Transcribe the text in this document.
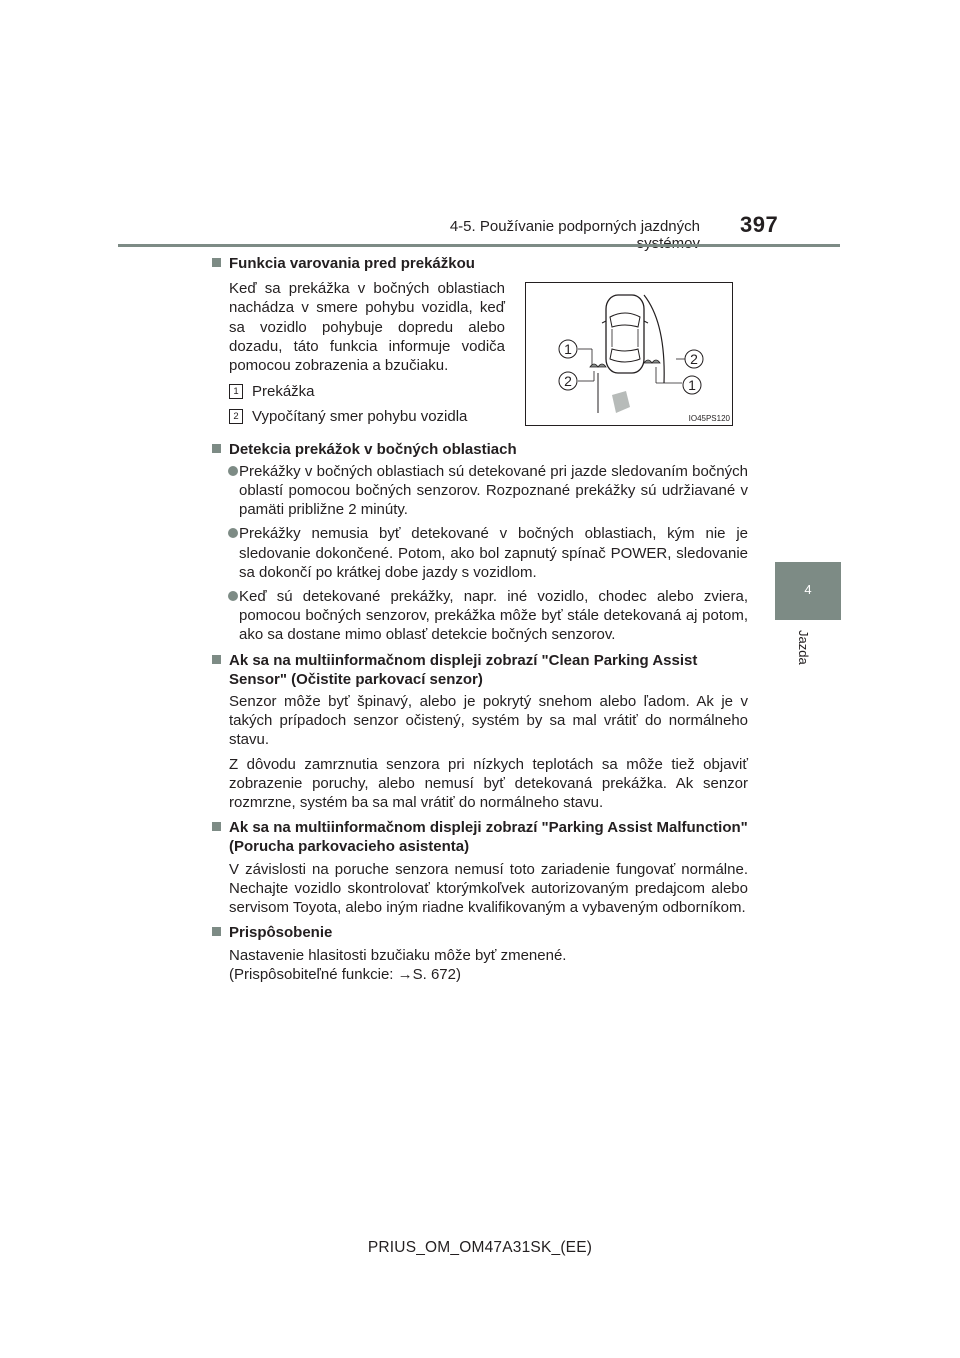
4-5. Používanie podporných jazdných 397
4
Jazda
1
2
2
1
IO45PS120

Funkcia varovania pred prekážkou

Keď sa prekážka v bočných oblastiach nachádza v smere pohybu vozidla, keď sa vozidlo pohybuje dopredu alebo dozadu, táto funkcia informuje vodiča pomocou zobrazenia a bzučiaku.

1 Prekážka

2 Vypočítaný smer pohybu vozidla

Detekcia prekážok v bočných oblastiach

Prekážky v bočných oblastiach sú detekované pri jazde sledovaním bočných oblastí pomocou bočných senzorov. Rozpoznané prekážky sú udržiavané v pamäti približne 2 minúty.

Prekážky nemusia byť detekované v bočných oblastiach, kým nie je sledovanie dokončené. Potom, ako bol zapnutý spínač POWER, sledovanie sa dokončí po krátkej dobe jazdy s vozidlom.

Keď sú detekované prekážky, napr. iné vozidlo, chodec alebo zviera, pomocou bočných senzorov, prekážka môže byť stále detekovaná aj potom, ako sa dostane mimo oblasť detekcie bočných senzorov.

Ak sa na multiinformačnom displeji zobrazí "Clean Parking Assist Sensor" (Očistite parkovací senzor)

Senzor môže byť špinavý, alebo je pokrytý snehom alebo ľadom. Ak je v takých prípadoch senzor očistený, systém by sa mal vrátiť do normálneho stavu.

Z dôvodu zamrznutia senzora pri nízkych teplotách sa môže tiež objaviť zobrazenie poruchy, alebo nemusí byť detekovaná prekážka. Ak senzor rozmrzne, systém ba sa mal vrátiť do normálneho stavu.

Ak sa na multiinformačnom displeji zobrazí "Parking Assist Malfunction" (Porucha parkovacieho asistenta)

V závislosti na poruche senzora nemusí toto zariadenie fungovať normálne. Nechajte vozidlo skontrolovať ktorýmkoľvek autorizovaným predajcom alebo servisom Toyota, alebo iným riadne kvalifikovaným a vybaveným odborníkom.

Prispôsobenie

Nastavenie hlasitosti bzučiaku môže byť zmenené.

(Prispôsobiteľné funkcie: →S. 672)

PRIUS_OM_OM47A31SK_(EE)
